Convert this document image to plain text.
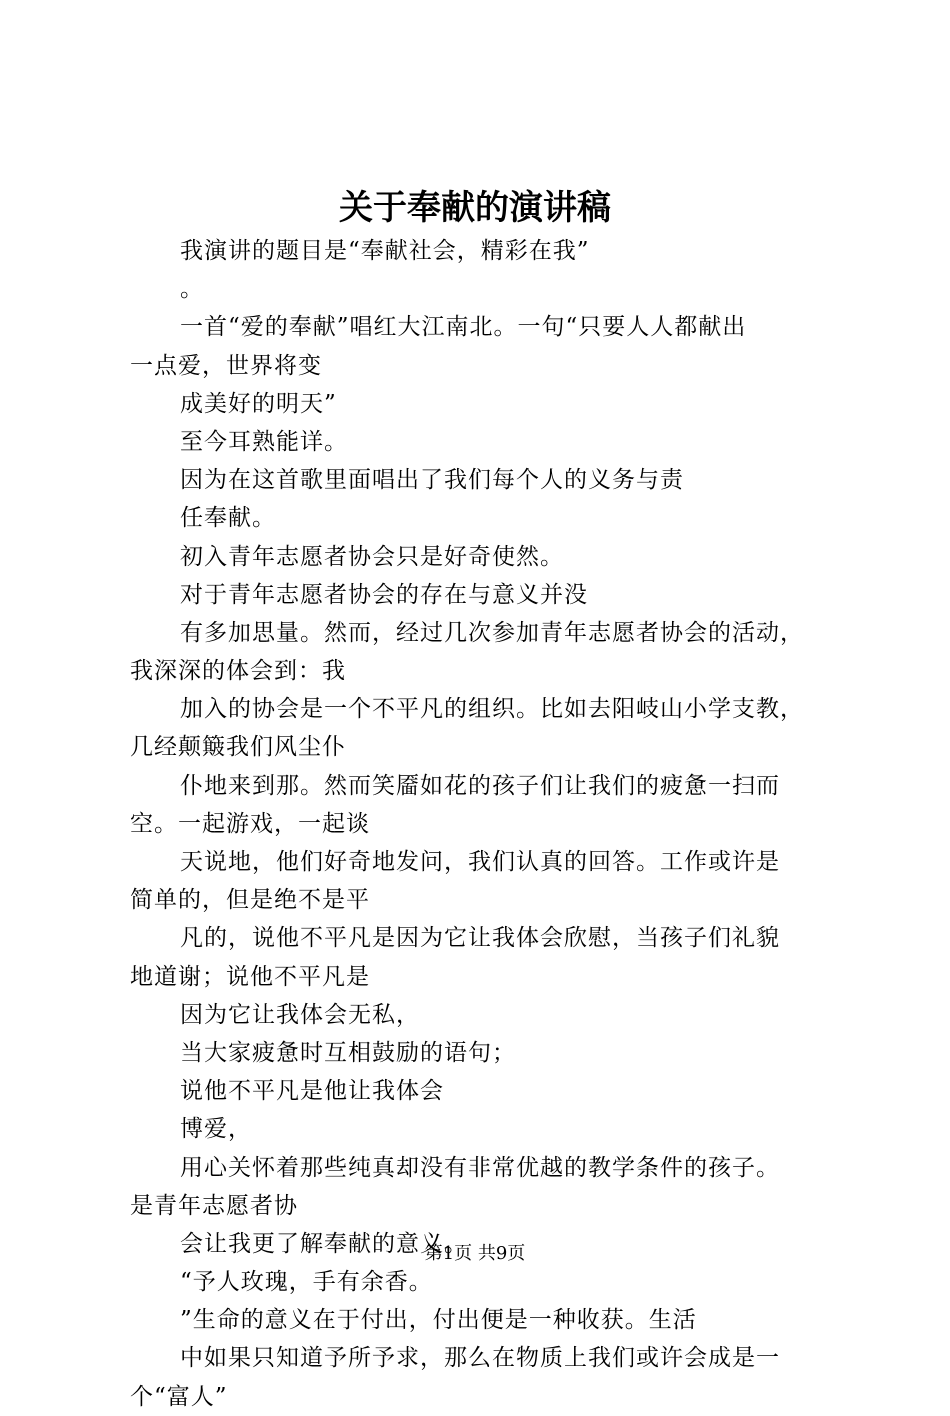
关于奉献的演讲稿
我演讲的题目是“奉献社会，精彩在我”
。
一首“爱的奉献”唱红大江南北。一句“只要人人都献出
一点爱，世界将变
成美好的明天”
至今耳熟能详。
因为在这首歌里面唱出了我们每个人的义务与责
任奉献。
初入青年志愿者协会只是好奇使然。
对于青年志愿者协会的存在与意义并没
有多加思量。然而，经过几次参加青年志愿者协会的活动，
我深深的体会到：我
加入的协会是一个不平凡的组织。比如去阳岐山小学支教，
几经颠簸我们风尘仆
仆地来到那。然而笑靥如花的孩子们让我们的疲惫一扫而
空。一起游戏，一起谈
天说地，他们好奇地发问，我们认真的回答。工作或许是
简单的，但是绝不是平
凡的，说他不平凡是因为它让我体会欣慰，当孩子们礼貌
地道谢；说他不平凡是
因为它让我体会无私，
当大家疲惫时互相鼓励的语句；
说他不平凡是他让我体会
博爱，
用心关怀着那些纯真却没有非常优越的教学条件的孩子。
是青年志愿者协
会让我更了解奉献的意义。
“予人玫瑰，手有余香。
”生命的意义在于付出，付出便是一种收获。生活
中如果只知道予所予求，那么在物质上我们或许会成是一
个“富人”
第1页 共9页
